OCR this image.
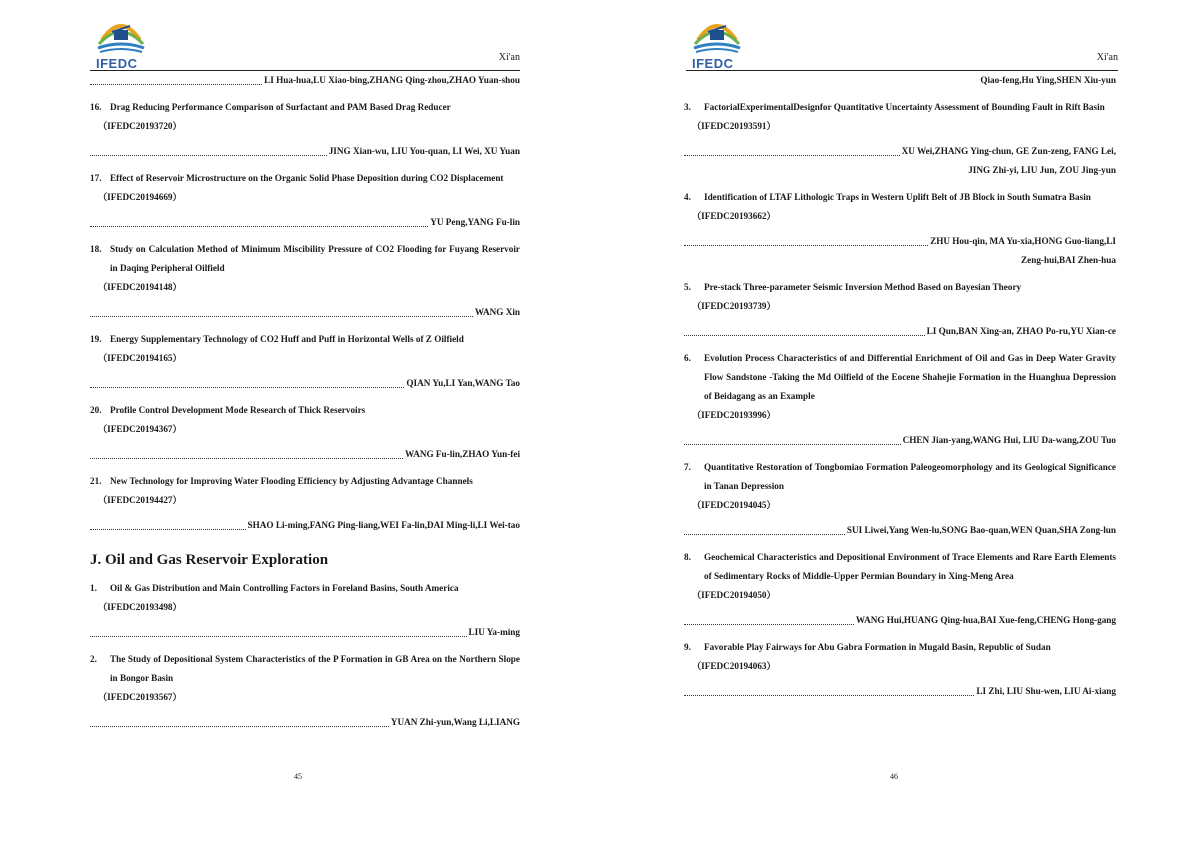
IFEDC	Xi'an
LI Hua-hua,LU Xiao-bing,ZHANG Qing-zhou,ZHAO Yuan-shou
16. Drag Reducing Performance Comparison of Surfactant and PAM Based Drag Reducer
（IFEDC20193720）
JING Xian-wu, LIU You-quan, LI Wei, XU Yuan
17. Effect of Reservoir Microstructure on the Organic Solid Phase Deposition during CO2 Displacement
（IFEDC20194669）
YU Peng,YANG Fu-lin
18. Study on Calculation Method of Minimum Miscibility Pressure of CO2 Flooding for Fuyang Reservoir in Daqing Peripheral Oilfield
（IFEDC20194148）
WANG Xin
19. Energy Supplementary Technology of CO2 Huff and Puff in Horizontal Wells of Z Oilfield
（IFEDC20194165）
QIAN Yu,LI Yan,WANG Tao
20. Profile Control Development Mode Research of Thick Reservoirs
（IFEDC20194367）
WANG Fu-lin,ZHAO Yun-fei
21. New Technology for Improving Water Flooding Efficiency by Adjusting Advantage Channels
（IFEDC20194427）
SHAO Li-ming,FANG Ping-liang,WEI Fa-lin,DAI Ming-li,LI Wei-tao
J. Oil and Gas Reservoir Exploration
1.	Oil & Gas Distribution and Main Controlling Factors in Foreland Basins, South America
（IFEDC20193498）
LIU Ya-ming
2.	The Study of Depositional System Characteristics of the P Formation in GB Area on the Northern Slope in Bongor Basin
（IFEDC20193567）
YUAN Zhi-yun,Wang Li,LIANG
45
IFEDC	Xi'an
Qiao-feng,Hu Ying,SHEN Xiu-yun
3.	FactorialExperimentalDesignfor Quantitative Uncertainty Assessment of Bounding Fault in Rift Basin
（IFEDC20193591）
XU Wei,ZHANG Ying-chun, GE Zun-zeng, FANG Lei,
JING Zhi-yi, LIU Jun, ZOU Jing-yun
4.	Identification of LTAF Lithologic Traps in Western Uplift Belt of JB Block in South Sumatra Basin
（IFEDC20193662）
ZHU Hou-qin, MA Yu-xia,HONG Guo-liang,LI
Zeng-hui,BAI Zhen-hua
5.	Pre-stack Three-parameter Seismic Inversion Method Based on Bayesian Theory
（IFEDC20193739）
LI Qun,BAN Xing-an, ZHAO Po-ru,YU Xian-ce
6.	Evolution Process Characteristics of and Differential Enrichment of Oil and Gas in Deep Water Gravity Flow Sandstone -Taking the Md Oilfield of the Eocene Shahejie Formation in the Huanghua Depression of Beidagang as an Example
（IFEDC20193996）
CHEN Jian-yang,WANG Hui, LIU Da-wang,ZOU Tuo
7.	Quantitative Restoration of Tongbomiao Formation Paleogeomorphology and its Geological Significance in Tanan Depression
（IFEDC20194045）
SUI Liwei,Yang Wen-lu,SONG Bao-quan,WEN Quan,SHA Zong-lun
8.	Geochemical Characteristics and Depositional Environment of Trace Elements and Rare Earth Elements of Sedimentary Rocks of Middle-Upper Permian Boundary in Xing-Meng Area
（IFEDC20194050）
WANG Hui,HUANG Qing-hua,BAI Xue-feng,CHENG Hong-gang
9.	Favorable Play Fairways for Abu Gabra Formation in Mugald Basin, Republic of Sudan
（IFEDC20194063）
LI Zhi, LIU Shu-wen, LIU Ai-xiang
46
